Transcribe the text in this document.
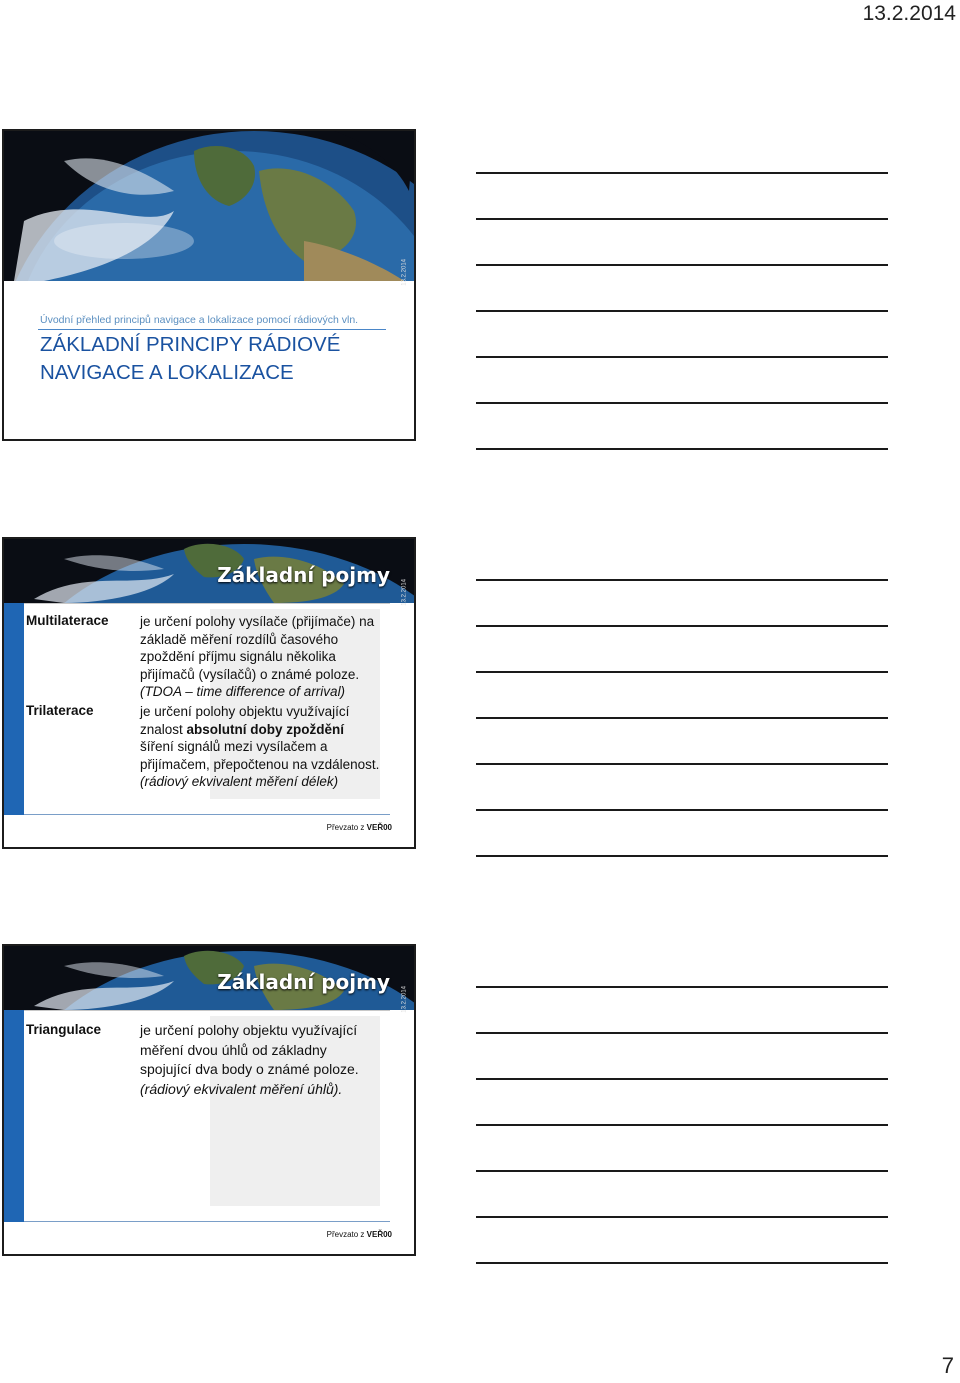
13.2.2014
13.2.2014
Úvodní přehled principů navigace a lokalizace pomocí rádiových vln.
ZÁKLADNÍ PRINCIPY RÁDIOVÉ
NAVIGACE A LOKALIZACE
Základní pojmy
13.2.2014
Multilaterace je určení polohy vysílače (přijímače) na základě měření rozdílů časového zpoždění příjmu signálu několika přijímačů (vysílačů) o známé poloze. (TDOA – time difference of arrival)
Trilaterace	je určení polohy objektu využívající znalost absolutní doby zpoždění šíření signálů mezi vysílačem a přijímačem, přepočtenou na vzdálenost. (rádiový ekvivalent měření délek)
Převzato z VEŘ00
Základní pojmy
13.2.2014
Triangulace	je určení polohy objektu využívající měření dvou úhlů od základny spojující dva body o známé poloze. (rádiový ekvivalent měření úhlů).
Převzato z VEŘ00
7
